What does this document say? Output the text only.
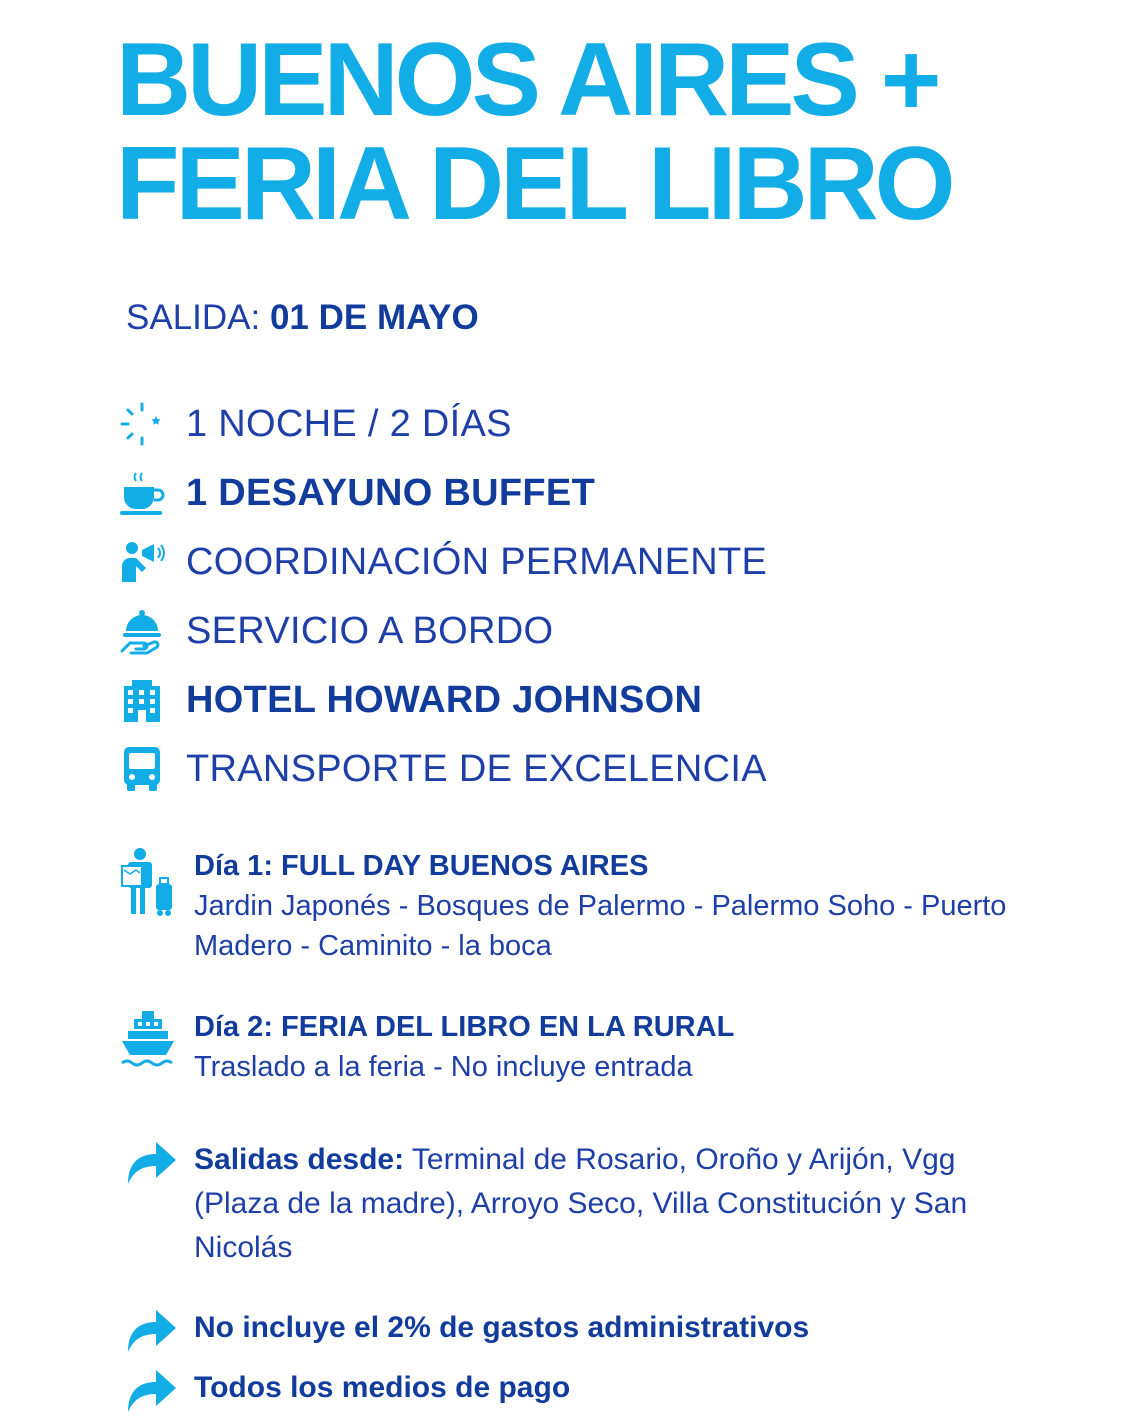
BUENOS AIRES +
FERIA DEL LIBRO
SALIDA: 01 DE MAYO
1 NOCHE / 2 DÍAS
1 DESAYUNO BUFFET
COORDINACIÓN PERMANENTE
SERVICIO A BORDO
HOTEL HOWARD JOHNSON
TRANSPORTE DE EXCELENCIA
Día 1: FULL DAY BUENOS AIRES
Jardin Japonés - Bosques de Palermo - Palermo Soho - Puerto Madero - Caminito - la boca
Día 2: FERIA DEL LIBRO EN LA RURAL
Traslado a la feria - No incluye entrada
Salidas desde: Terminal de Rosario, Oroño y Arijón, Vgg (Plaza de la madre), Arroyo Seco, Villa Constitución y San Nicolás
No incluye el 2% de gastos administrativos
Todos los medios de pago
